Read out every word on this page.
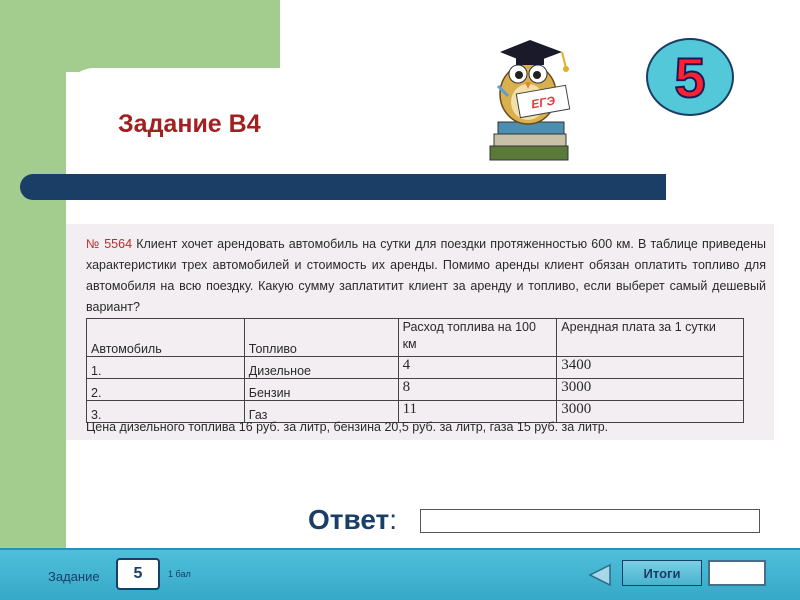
Задание В4
ЕГЭ	5
№ 5564 Клиент хочет арендовать автомобиль на сутки для поездки протяженностью 600 км. В таблице приведены характеристики трех автомобилей и стоимость их аренды. Помимо аренды клиент обязан оплатить топливо для автомобиля на всю поездку. Какую сумму заплатитит клиент за аренду и топливо, если выберет самый дешевый вариант?
Автомобиль	Топливо	Расход топлива на 100 км	Арендная плата за 1 сутки
1.	Дизельное	4	3400
2.	Бензин	8	3000
3.	Газ	11	3000
Цена дизельного топлива 16 руб. за литр, бензина 20,5 руб. за литр, газа 15 руб. за литр.
Ответ:
Задание	5	1 бал	Итоги
